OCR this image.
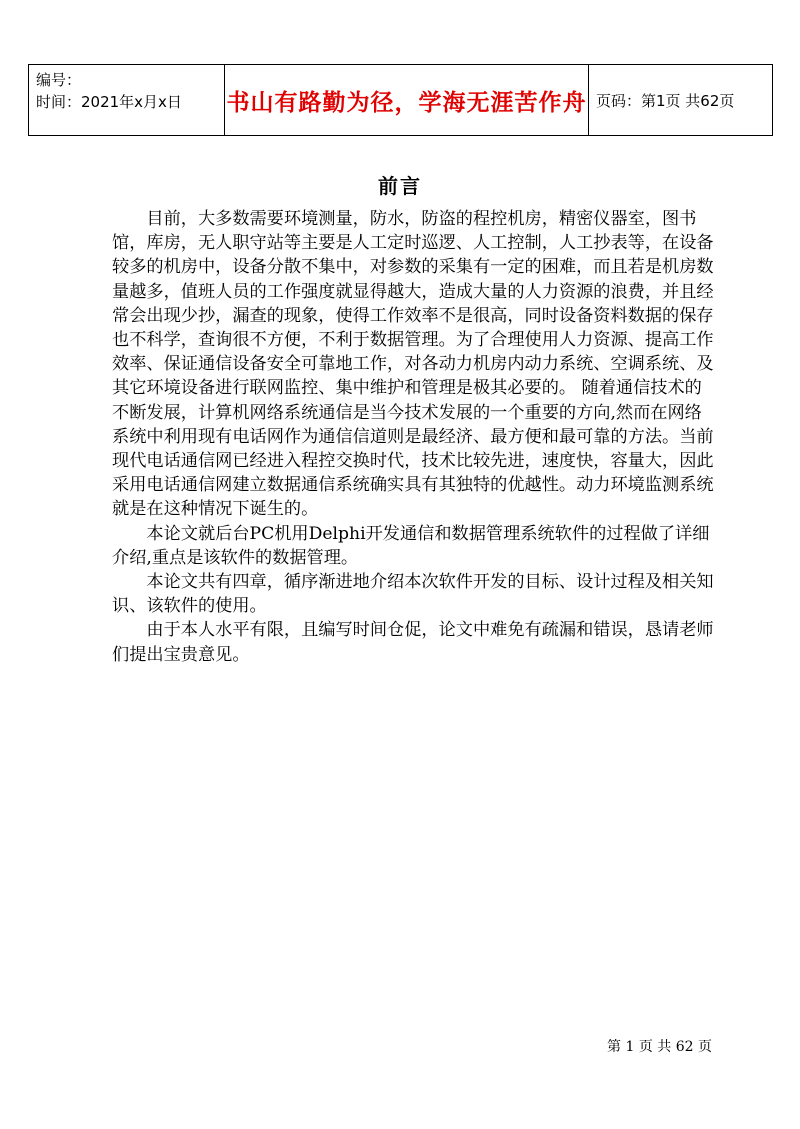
编号：
时间：2021年x月x日	书山有路勤为径，学海无涯苦作舟 页码：第1页 共62页
前言

目前，大多数需要环境测量，防水，防盗的程控机房，精密仪器室，图书馆，库房，无人职守站等主要是人工定时巡逻、人工控制，人工抄表等，在设备较多的机房中，设备分散不集中，对参数的采集有一定的困难，而且若是机房数量越多，值班人员的工作强度就显得越大，造成大量的人力资源的浪费，并且经常会出现少抄，漏查的现象，使得工作效率不是很高，同时设备资料数据的保存也不科学，查询很不方便，不利于数据管理。为了合理使用人力资源、提高工作效率、保证通信设备安全可靠地工作，对各动力机房内动力系统、空调系统、及其它环境设备进行联网监控、集中维护和管理是极其必要的。 随着通信技术的不断发展，计算机网络系统通信是当今技术发展的一个重要的方向,然而在网络系统中利用现有电话网作为通信信道则是最经济、最方便和最可靠的方法。当前现代电话通信网已经进入程控交换时代，技术比较先进，速度快，容量大，因此采用电话通信网建立数据通信系统确实具有其独特的优越性。动力环境监测系统就是在这种情况下诞生的。

本论文就后台PC机用Delphi开发通信和数据管理系统软件的过程做了详细介绍,重点是该软件的数据管理。

本论文共有四章，循序渐进地介绍本次软件开发的目标、设计过程及相关知识、该软件的使用。

由于本人水平有限，且编写时间仓促，论文中难免有疏漏和错误，恳请老师们提出宝贵意见。

第 1 页 共 62 页
